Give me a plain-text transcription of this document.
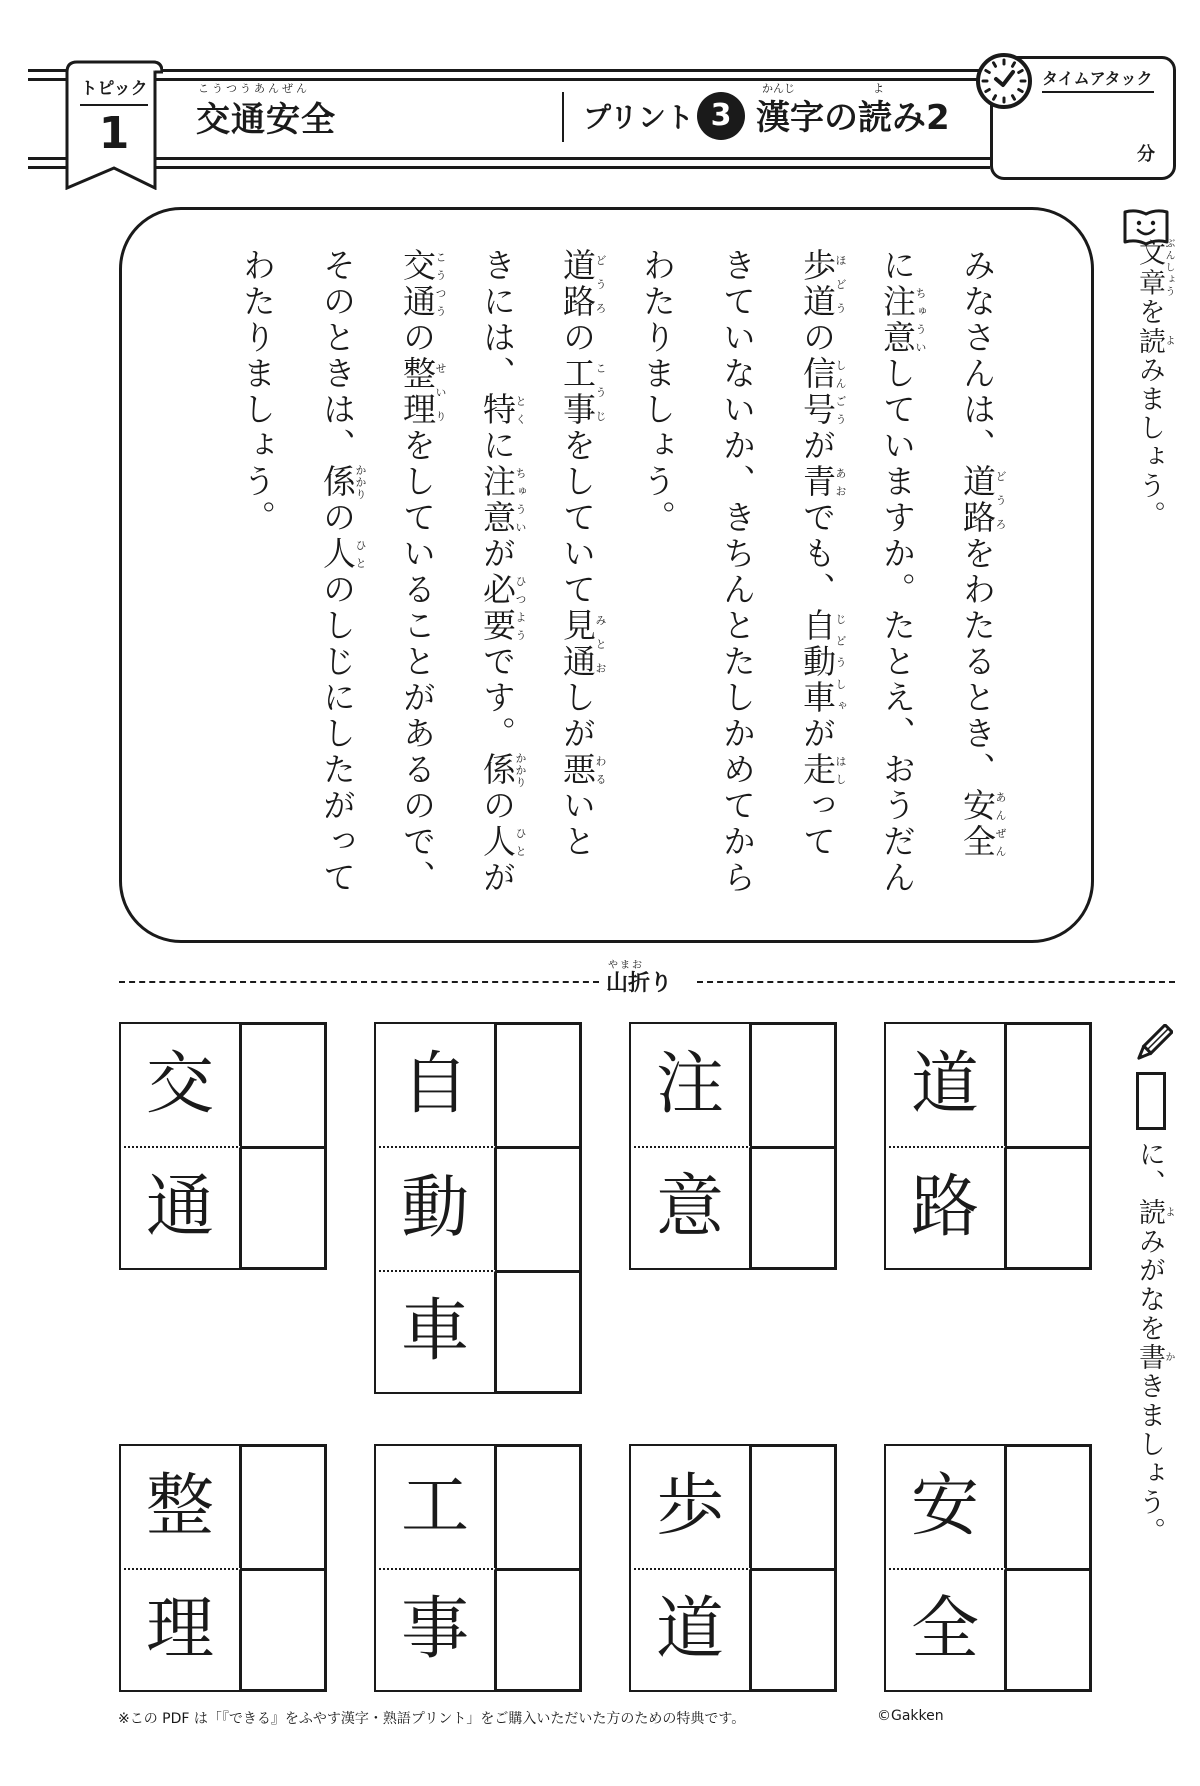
トピック
1
こうつうあんぜん
交通安全	プリント 3
かんじ	よ
漢字の読み2
タイムアタック
分
みなさんは、道路どうろをわたるとき、安全あんぜん
に注意ちゅういしていますか。たとえ、おうだん
歩道ほどうの信号しんごうが青あおでも、自動車じどうしゃが走はしって
きていないか、きちんとたしかめてから
わたりましょう。
道路どうろの工事こうじをしていて見通みとおしが悪わるいと
きには、特とくに注意ちゅういが必要ひつようです。係かかりの人ひとが
交通こうつうの整理せいりをしていることがあるので、
そのときは、係かかりの人ひとのしじにしたがって
わたりましょう。	文章ぶんしょうを読よみましょう。
やまお
山折り
交
通
自
動
車
注
意
道
路
整
理
工
事
歩
道
安
全
に、読よみがなを書かきましょう。
※この PDF は「『できる』をふやす漢字・熟語プリント」をご購入いただいた方のための特典です。	©Gakken
